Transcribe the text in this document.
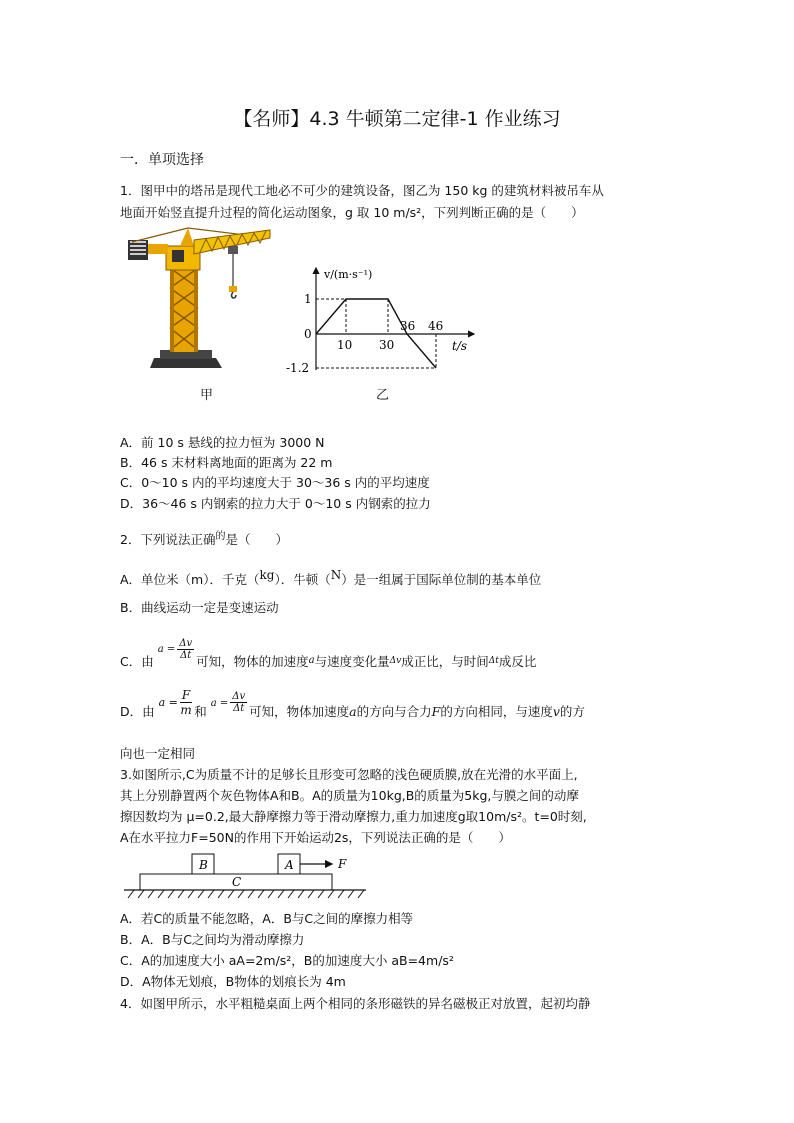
【名师】4.3 牛顿第二定律-1 作业练习
一．单项选择
1．图甲中的塔吊是现代工地必不可少的建筑设备，图乙为 150 kg 的建筑材料被吊车从
地面开始竖直提升过程的简化运动图象，g 取 10 m/s²，下列判断正确的是（　　）
v/(m·s⁻¹)
t/s
1
0
-1.2
10 30
36 46
甲	乙
A．前 10 s 悬线的拉力恒为 3000 N
B．46 s 末材料离地面的距离为 22 m
C．0～10 s 内的平均速度大于 30～36 s 内的平均速度
D．36～46 s 内钢索的拉力大于 0～10 s 内钢索的拉力
2．下列说法正确$^的$是（　　）
A．单位米（m）．千克（$^{kg}$）．牛顿（$^N$）是一组属于国际单位制的基本单位
B．曲线运动一定是变速运动
C．由 $^{a =} \frac{\Delta v}{\Delta t}$
可知，物体的加速度$^a$与速度变化量$^{\Delta v}$成正比，与时间$^{\Delta t}$成反比
D．由 $a = \frac{F}{m}$ 和 $a = \frac{\Delta v}{\Delta t}$ 可知，物体加速度a的方向与合力F的方向相同，与速度v的方
向也一定相同
3.如图所示,C为质量不计的足够长且形变可忽略的浅色硬质膜,放在光滑的水平面上,
其上分别静置两个灰色物体A和B。A的质量为10kg,B的质量为5kg,与膜之间的动摩
擦因数均为 μ=0.2,最大静摩擦力等于滑动摩擦力,重力加速度g取10m/s²。t=0时刻,
A在水平拉力F=50N的作用下开始运动2s，下列说法正确的是（　　）
B	A
C
F
A．若C的质量不能忽略，A．B与C之间的摩擦力相等
B．A．B与C之间均为滑动摩擦力
C．A的加速度大小 aA=2m/s²，B的加速度大小 aB=4m/s²
D．A物体无划痕，B物体的划痕长为 4m
4．如图甲所示，水平粗糙桌面上两个相同的条形磁铁的异名磁极正对放置，起初均静
